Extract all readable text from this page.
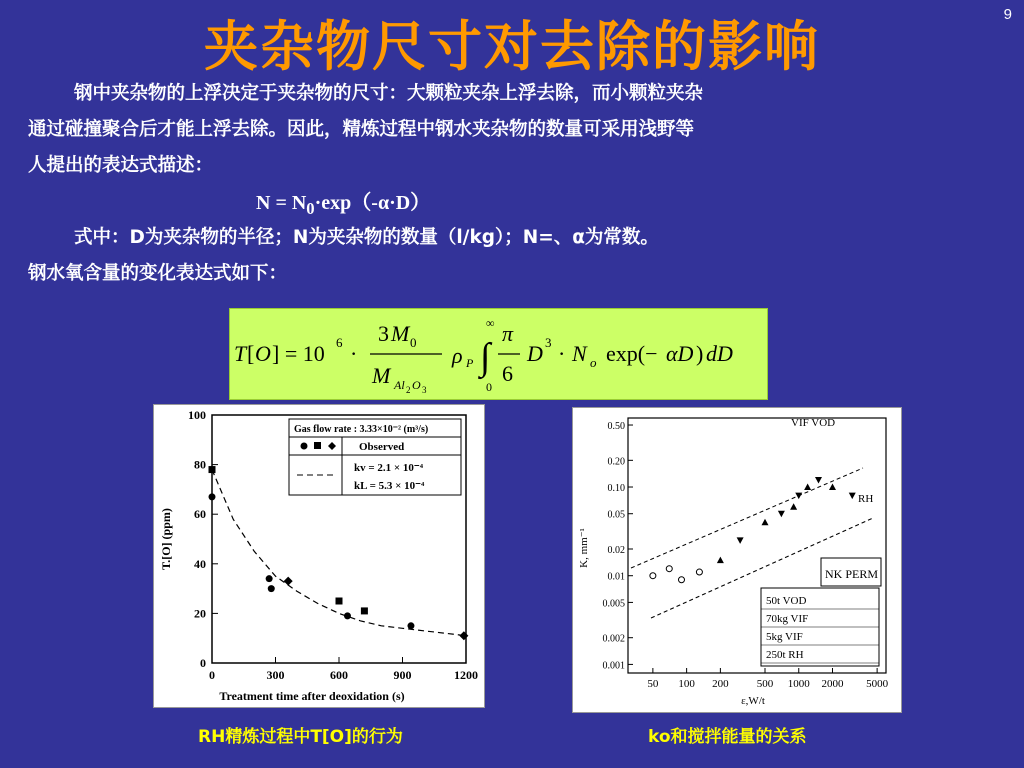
夹杂物尺寸对去除的影响
9

钢中夹杂物的上浮决定于夹杂物的尺寸：大颗粒夹杂上浮去除，而小颗粒夹杂

通过碰撞聚合后才能上浮去除。因此，精炼过程中钢水夹杂物的数量可采用浅野等

人提出的表达式描述：

式中：D为夹杂物的半径；N为夹杂物的数量（l/kg）；N=、α为常数。

钢水氧含量的变化表达式如下：

$N = N_0\cdot\exp(-\alpha\cdot D)$
T [ O ] = 10 6 ·
3 M 0
M Al 2 O 3
ρ P ∫
∞
0
π
6
D 3 · N o exp(− αD ) dD
0
20
40
60
80
100
0	300	600	900	1200
Gas flow rate : 3.33×10⁻² (m³/s)
Observed
kv = 2.1 × 10⁻⁴
kL = 5.3 × 10⁻⁴
Treatment time after deoxidation (s)
T.[O] (ppm)
0.50
0.20
0.10
0.05
0.02
0.01
0.005
0.002
0.001
50 100 200	500 1000 2000 5000
VIF VOD
RH
NK PERM
50t VOD
70kg VIF
5kg VIF
250t RH
ε,W/t
K, mm⁻¹
RH精炼过程中T[O]的行为	ko和搅拌能量的关系
